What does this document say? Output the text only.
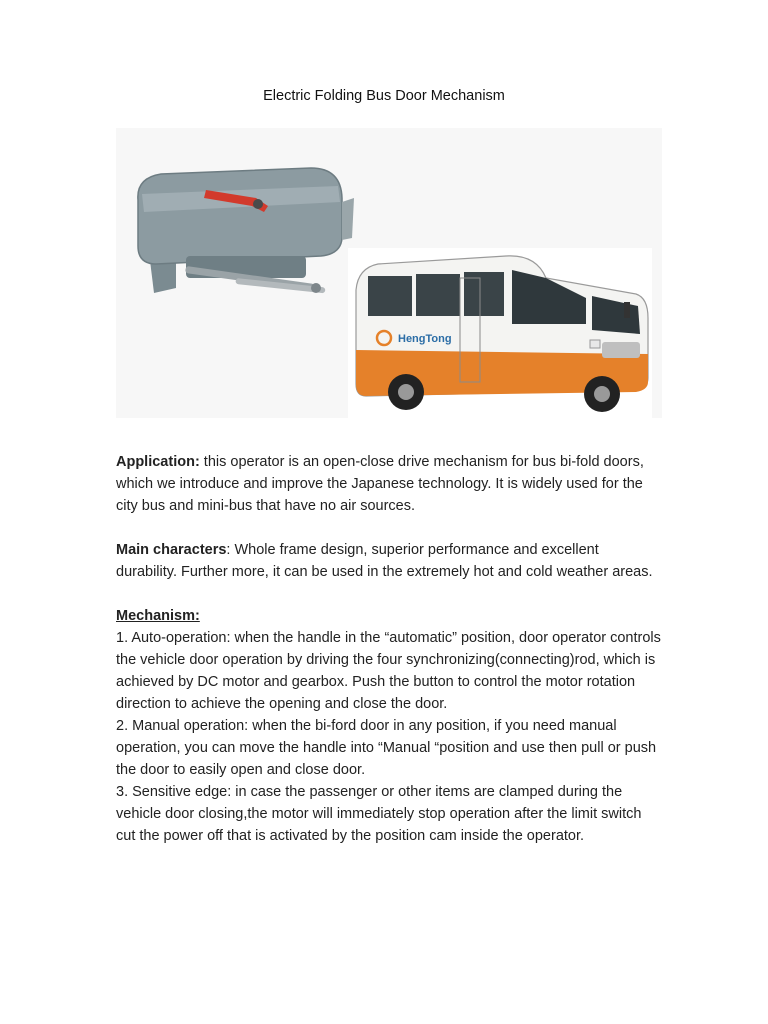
Electric Folding Bus Door Mechanism
HengTong

Application: this operator is an open-close drive mechanism for bus bi-fold doors, which we introduce and improve the Japanese technology. It is widely used for the city bus and mini-bus that have no air sources.

Main characters: Whole frame design, superior performance and excellent durability. Further more, it can be used in the extremely hot and cold weather areas.

Mechanism:

1. Auto-operation: when the handle in the “automatic” position, door operator controls the vehicle door operation by driving the four synchronizing(connecting)rod, which is achieved by DC motor and gearbox. Push the button to control the motor rotation direction to achieve the opening and close the door.

2. Manual operation: when the bi-ford door in any position, if you need manual operation, you can move the handle into “Manual “position and use then pull or push the door to easily open and close door.

3. Sensitive edge: in case the passenger or other items are clamped during the vehicle door closing,the motor will immediately stop operation after the limit switch cut the power off that is activated by the position cam inside the operator.
